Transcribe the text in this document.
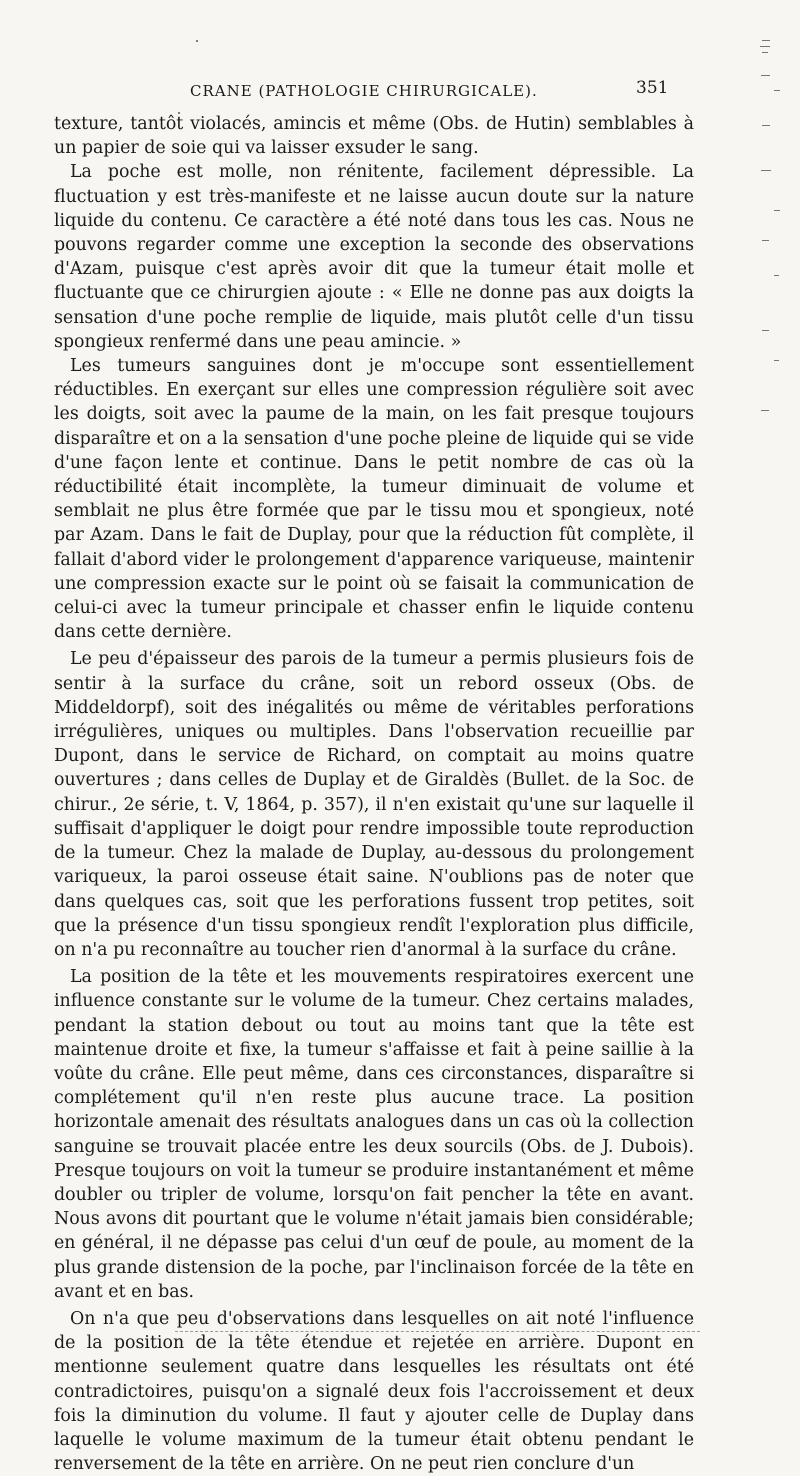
CRANE (PATHOLOGIE CHIRURGICALE).	351

texture, tantôt violacés, amincis et même (Obs. de Hutin) semblables à un papier de soie qui va laisser exsuder le sang.

La poche est molle, non rénitente, facilement dépressible. La fluctuation y est très-manifeste et ne laisse aucun doute sur la nature liquide du contenu. Ce caractère a été noté dans tous les cas. Nous ne pouvons regarder comme une exception la seconde des observations d'Azam, puisque c'est après avoir dit que la tumeur était molle et fluctuante que ce chirurgien ajoute : « Elle ne donne pas aux doigts la sensation d'une poche remplie de liquide, mais plutôt celle d'un tissu spongieux renfermé dans une peau amincie. »

Les tumeurs sanguines dont je m'occupe sont essentiellement réductibles. En exerçant sur elles une compression régulière soit avec les doigts, soit avec la paume de la main, on les fait presque toujours disparaître et on a la sensation d'une poche pleine de liquide qui se vide d'une façon lente et continue. Dans le petit nombre de cas où la réductibilité était incomplète, la tumeur diminuait de volume et semblait ne plus être formée que par le tissu mou et spongieux, noté par Azam. Dans le fait de Duplay, pour que la réduction fût complète, il fallait d'abord vider le prolongement d'apparence variqueuse, maintenir une compression exacte sur le point où se faisait la communication de celui-ci avec la tumeur principale et chasser enfin le liquide contenu dans cette dernière.

Le peu d'épaisseur des parois de la tumeur a permis plusieurs fois de sentir à la surface du crâne, soit un rebord osseux (Obs. de Middeldorpf), soit des inégalités ou même de véritables perforations irrégulières, uniques ou multiples. Dans l'observation recueillie par Dupont, dans le service de Richard, on comptait au moins quatre ouvertures ; dans celles de Duplay et de Giraldès (Bullet. de la Soc. de chirur., 2e série, t. V, 1864, p. 357), il n'en existait qu'une sur laquelle il suffisait d'appliquer le doigt pour rendre impossible toute reproduction de la tumeur. Chez la malade de Duplay, au-dessous du prolongement variqueux, la paroi osseuse était saine. N'oublions pas de noter que dans quelques cas, soit que les perforations fussent trop petites, soit que la présence d'un tissu spongieux rendît l'exploration plus difficile, on n'a pu reconnaître au toucher rien d'anormal à la surface du crâne.

La position de la tête et les mouvements respiratoires exercent une influence constante sur le volume de la tumeur. Chez certains malades, pendant la station debout ou tout au moins tant que la tête est maintenue droite et fixe, la tumeur s'affaisse et fait à peine saillie à la voûte du crâne. Elle peut même, dans ces circonstances, disparaître si complétement qu'il n'en reste plus aucune trace. La position horizontale amenait des résultats analogues dans un cas où la collection sanguine se trouvait placée entre les deux sourcils (Obs. de J. Dubois). Presque toujours on voit la tumeur se produire instantanément et même doubler ou tripler de volume, lorsqu'on fait pencher la tête en avant. Nous avons dit pourtant que le volume n'était jamais bien considérable; en général, il ne dépasse pas celui d'un œuf de poule, au moment de la plus grande distension de la poche, par l'inclinaison forcée de la tête en avant et en bas.

On n'a que peu d'observations dans lesquelles on ait noté l'influence de la position de la tête étendue et rejetée en arrière. Dupont en mentionne seulement quatre dans lesquelles les résultats ont été contradictoires, puisqu'on a signalé deux fois l'accroissement et deux fois la diminution du volume. Il faut y ajouter celle de Duplay dans laquelle le volume maximum de la tumeur était obtenu pendant le renversement de la tête en arrière. On ne peut rien conclure d'un
